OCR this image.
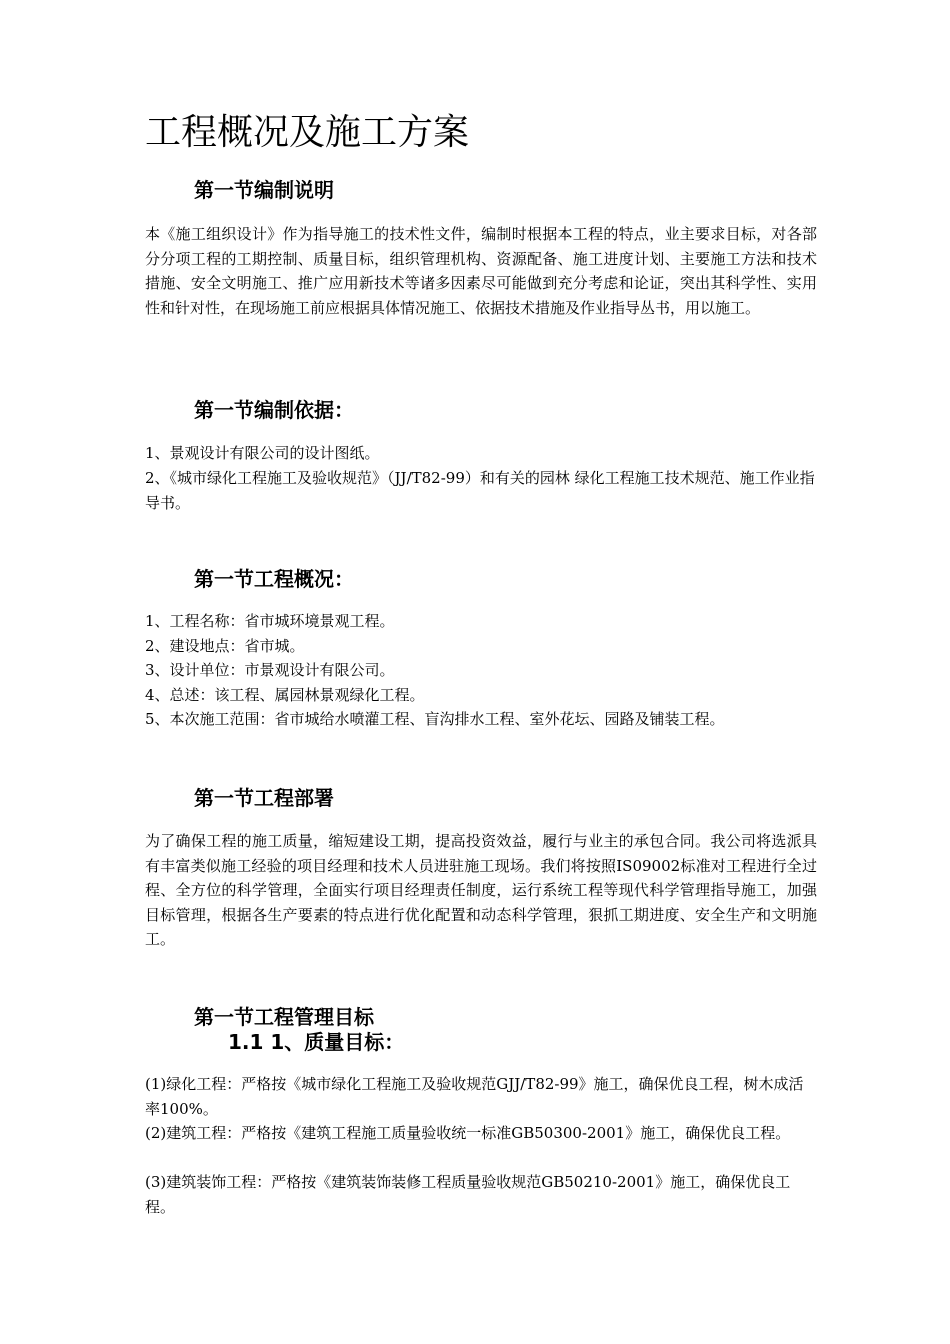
工程概况及施工方案
第一节编制说明

本《施工组织设计》作为指导施工的技术性文件，编制时根据本工程的特点，业主要求目标，对各部分分项工程的工期控制、质量目标，组织管理机构、资源配备、施工进度计划、主要施工方法和技术措施、安全文明施工、推广应用新技术等诸多因素尽可能做到充分考虑和论证，突出其科学性、实用性和针对性，在现场施工前应根据具体情况施工、依据技术措施及作业指导丛书，用以施工。

第一节编制依据：

1、景观设计有限公司的设计图纸。

2、《城市绿化工程施工及验收规范》（JJ/T82-99）和有关的园林 绿化工程施工技术规范、施工作业指导书。

第一节工程概况：

1、工程名称：省市城环境景观工程。

2、建设地点：省市城。

3、设计单位：市景观设计有限公司。

4、总述：该工程、属园林景观绿化工程。

5、本次施工范围：省市城给水喷灌工程、盲沟排水工程、室外花坛、园路及铺装工程。

第一节工程部署

为了确保工程的施工质量，缩短建设工期，提高投资效益，履行与业主的承包合同。我公司将选派具有丰富类似施工经验的项目经理和技术人员进驻施工现场。我们将按照IS09002标准对工程进行全过程、全方位的科学管理，全面实行项目经理责任制度，运行系统工程等现代科学管理指导施工，加强目标管理，根据各生产要素的特点进行优化配置和动态科学管理，狠抓工期进度、安全生产和文明施工。

第一节工程管理目标
1.1 1、质量目标：

(1)绿化工程：严格按《城市绿化工程施工及验收规范GJJ/T82-99》施工，确保优良工程，树木成活率100%。

(2)建筑工程：严格按《建筑工程施工质量验收统一标准GB50300-2001》施工，确保优良工程。

(3)建筑装饰工程：严格按《建筑装饰装修工程质量验收规范GB50210-2001》施工，确保优良工程。
